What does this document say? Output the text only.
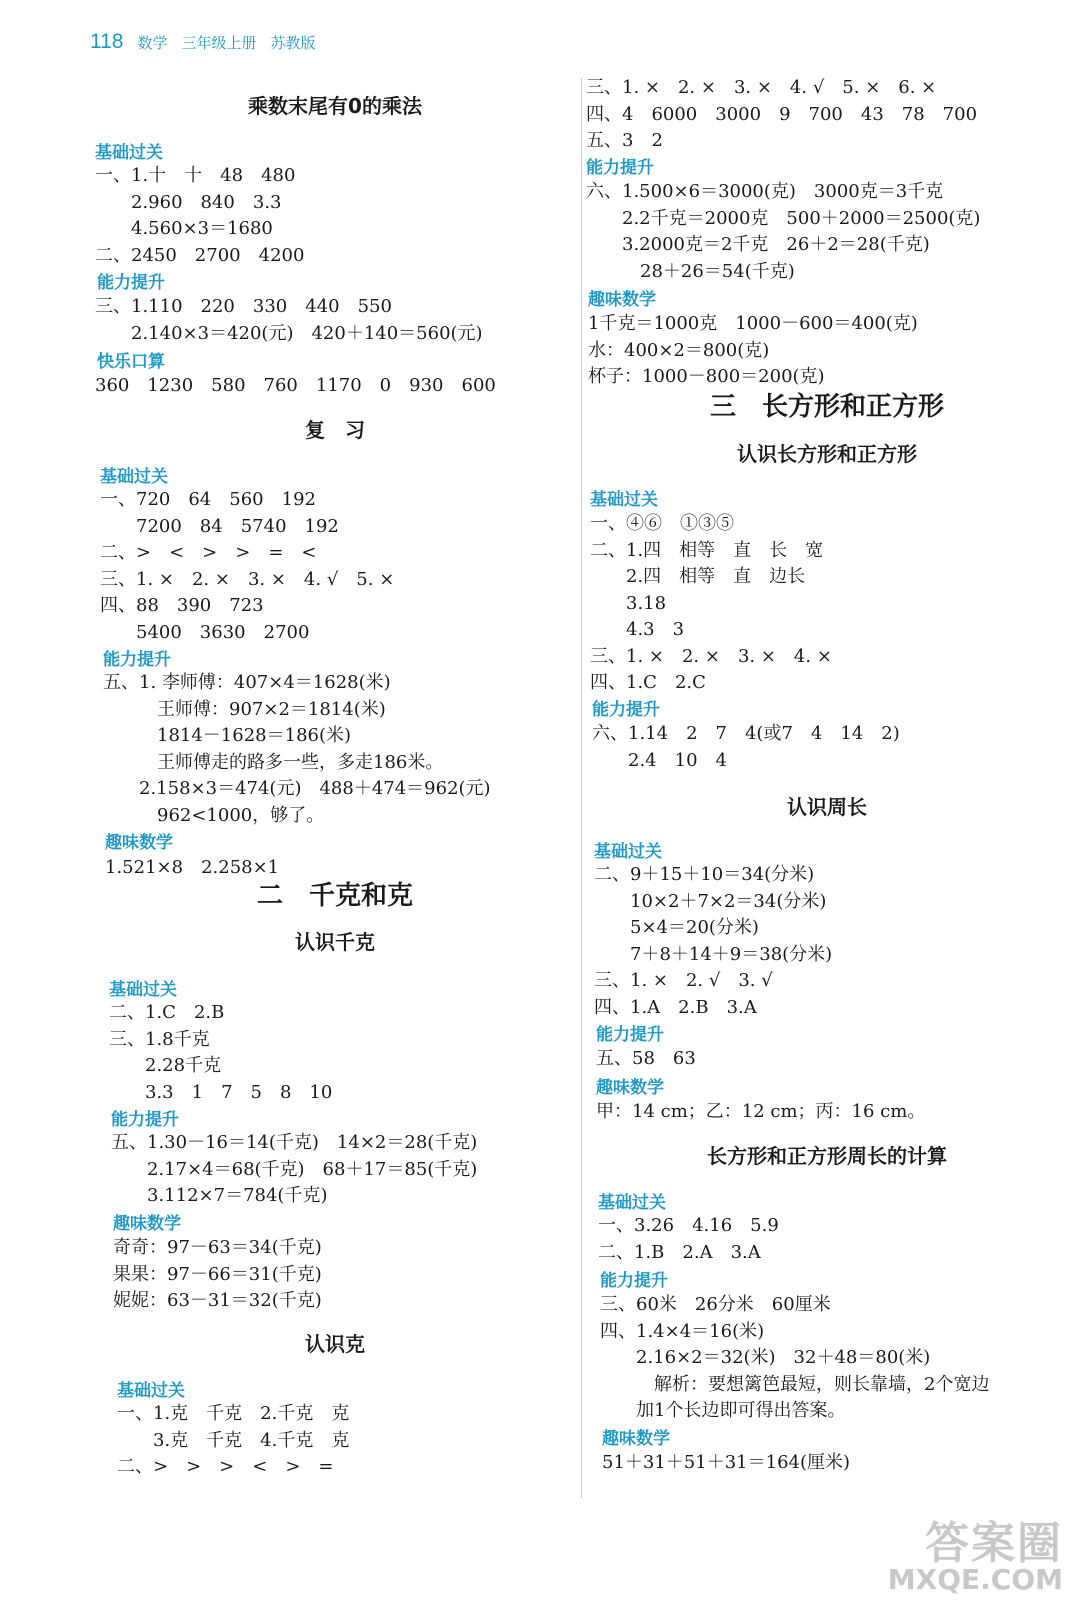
118 数学 三年级上册 苏教版
乘数末尾有0的乘法
基础过关
一、1.十　十　48　480
　　2.960　840　3.3
　　4.560×3＝1680
二、2450　2700　4200
能力提升
三、1.110　220　330　440　550
　　2.140×3＝420(元)　420＋140＝560(元)
快乐口算
360　1230　580　760　1170　0　930　600
复　习
基础过关
一、720　64　560　192
　　7200　84　5740　192
二、>　<　>　>　=　<
三、1. ×　2. ×　3. ×　4. √　5. ×
四、88　390　723
　　5400　3630　2700
能力提升
五、1. 李师傅：407×4＝1628(米)
　　　王师傅：907×2＝1814(米)
　　　1814－1628＝186(米)
　　　王师傅走的路多一些，多走186米。
　　2.158×3＝474(元)　488＋474＝962(元)
　　　962<1000，够了。
趣味数学
1.521×8　2.258×1
二　千克和克
认识千克
基础过关
二、1.C　2.B
三、1.8千克
　　2.28千克
　　3.3　1　7　5　8　10
能力提升
五、1.30－16＝14(千克)　14×2＝28(千克)
　　2.17×4＝68(千克)　68＋17＝85(千克)
　　3.112×7＝784(千克)
趣味数学
奇奇：97－63＝34(千克)
果果：97－66＝31(千克)
妮妮：63－31＝32(千克)
认识克
基础过关
一、1.克　千克　2.千克　克
　　3.克　千克　4.千克　克
二、>　>　>　<　>　=
三、1. ×　2. ×　3. ×　4. √　5. ×　6. ×
四、4　6000　3000　9　700　43　78　700
五、3　2
能力提升
六、1.500×6＝3000(克)　3000克＝3千克
　　2.2千克＝2000克　500＋2000＝2500(克)
　　3.2000克＝2千克　26＋2＝28(千克)
　　　28＋26＝54(千克)
趣味数学
1千克＝1000克　1000－600＝400(克)
水：400×2＝800(克)
杯子：1000－800＝200(克)
三　长方形和正方形
认识长方形和正方形
基础过关
一、④⑥　①③⑤
二、1.四　相等　直　长　宽
　　2.四　相等　直　边长
　　3.18
　　4.3　3
三、1. ×　2. ×　3. ×　4. ×
四、1.C　2.C
能力提升
六、1.14　2　7　4(或7　4　14　2)
　　2.4　10　4
认识周长
基础过关
二、9＋15＋10＝34(分米)
　　10×2＋7×2＝34(分米)
　　5×4＝20(分米)
　　7＋8＋14＋9＝38(分米)
三、1. ×　2. √　3. √
四、1.A　2.B　3.A
能力提升
五、58　63
趣味数学
甲：14 cm；乙：12 cm；丙：16 cm。
长方形和正方形周长的计算
基础过关
一、3.26　4.16　5.9
二、1.B　2.A　3.A
能力提升
三、60米　26分米　60厘米
四、1.4×4＝16(米)
　　2.16×2＝32(米)　32＋48＝80(米)
　　　解析：要想篱笆最短，则长靠墙，2个宽边
　　加1个长边即可得出答案。
趣味数学
51＋31＋51＋31＝164(厘米)
答案圈
MXQE.COM
